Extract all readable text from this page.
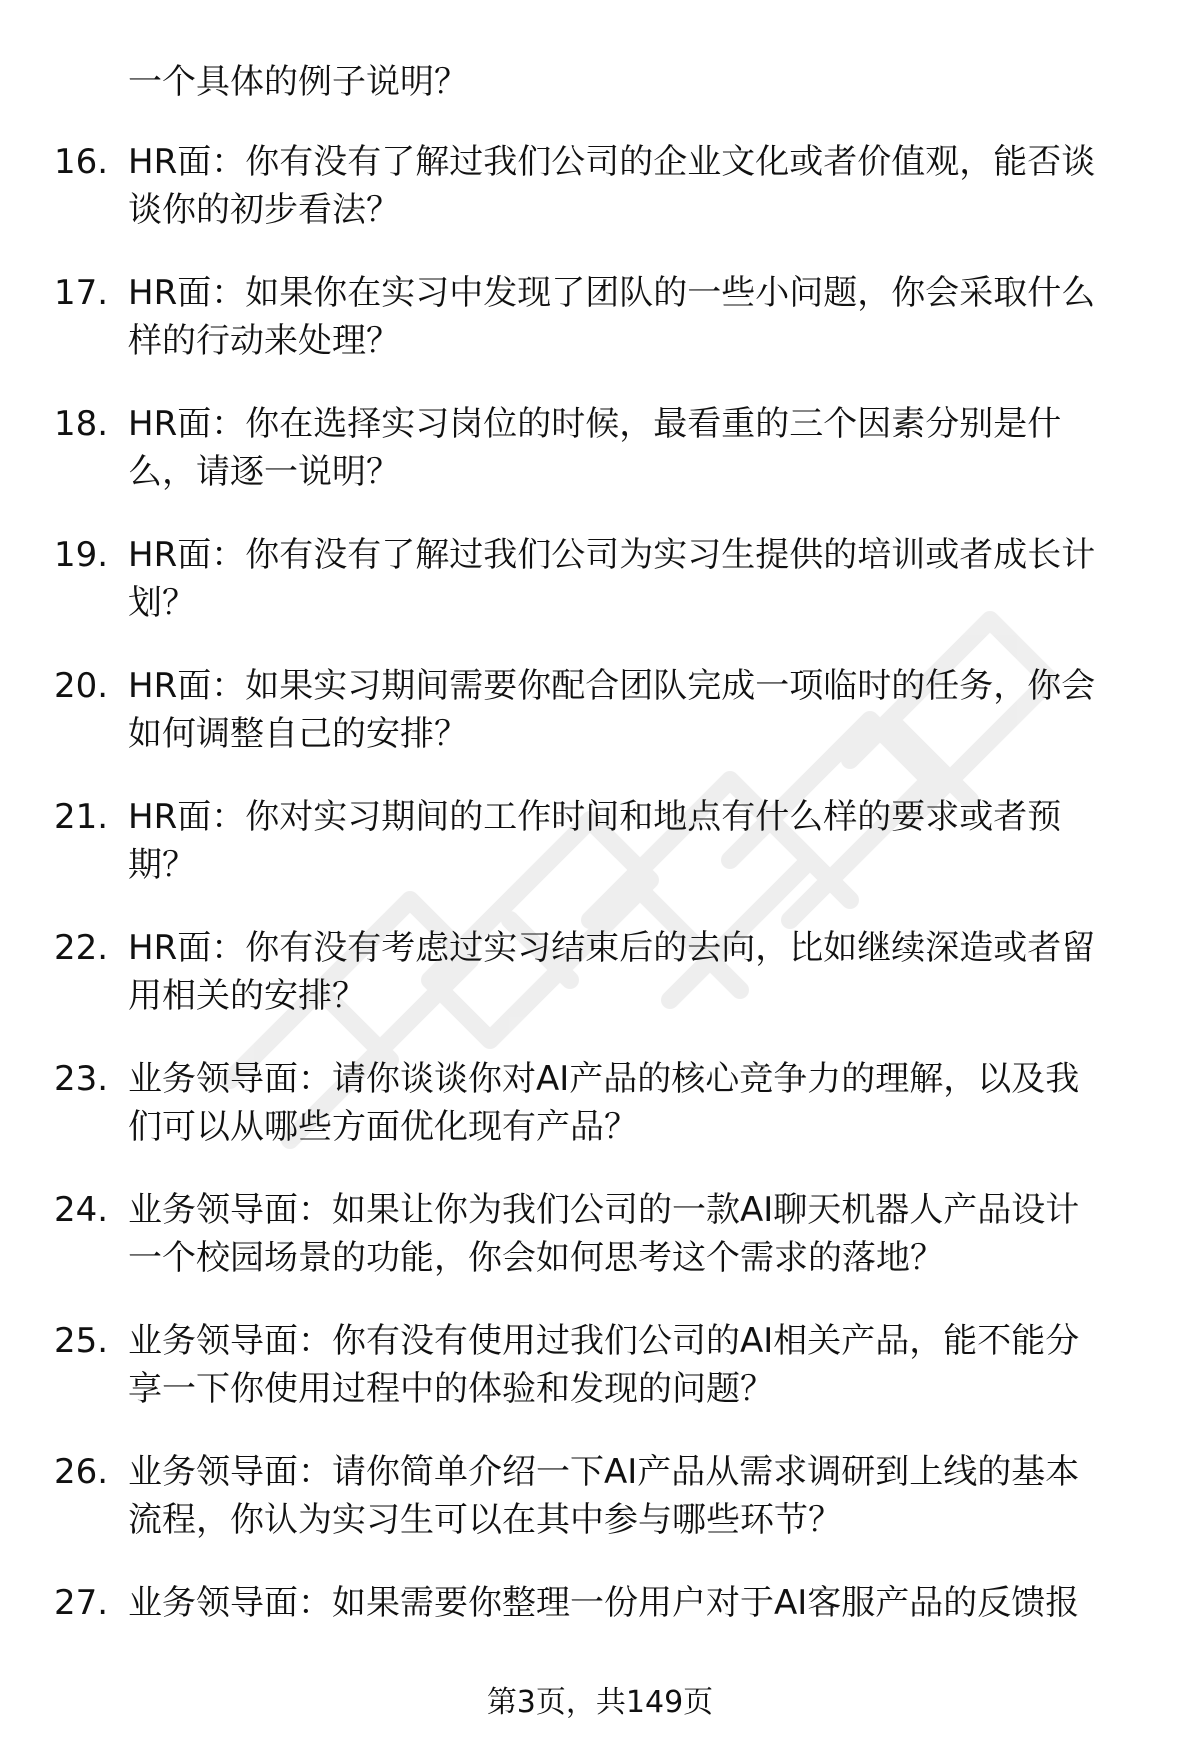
一个具体的例子说明？
16. HR面：你有没有了解过我们公司的企业文化或者价值观，能否谈
谈你的初步看法？
17. HR面：如果你在实习中发现了团队的一些小问题，你会采取什么
样的行动来处理？
18. HR面：你在选择实习岗位的时候，最看重的三个因素分别是什
么，请逐一说明？
19. HR面：你有没有了解过我们公司为实习生提供的培训或者成长计
划？
20. HR面：如果实习期间需要你配合团队完成一项临时的任务，你会
如何调整自己的安排？
21. HR面：你对实习期间的工作时间和地点有什么样的要求或者预
期？
22. HR面：你有没有考虑过实习结束后的去向，比如继续深造或者留
用相关的安排？
23. 业务领导面：请你谈谈你对AI产品的核心竞争力的理解，以及我
们可以从哪些方面优化现有产品？
24. 业务领导面：如果让你为我们公司的一款AI聊天机器人产品设计
一个校园场景的功能，你会如何思考这个需求的落地？
25. 业务领导面：你有没有使用过我们公司的AI相关产品，能不能分
享一下你使用过程中的体验和发现的问题？
26. 业务领导面：请你简单介绍一下AI产品从需求调研到上线的基本
流程，你认为实习生可以在其中参与哪些环节？
27. 业务领导面：如果需要你整理一份用户对于AI客服产品的反馈报
第3页，共149页
